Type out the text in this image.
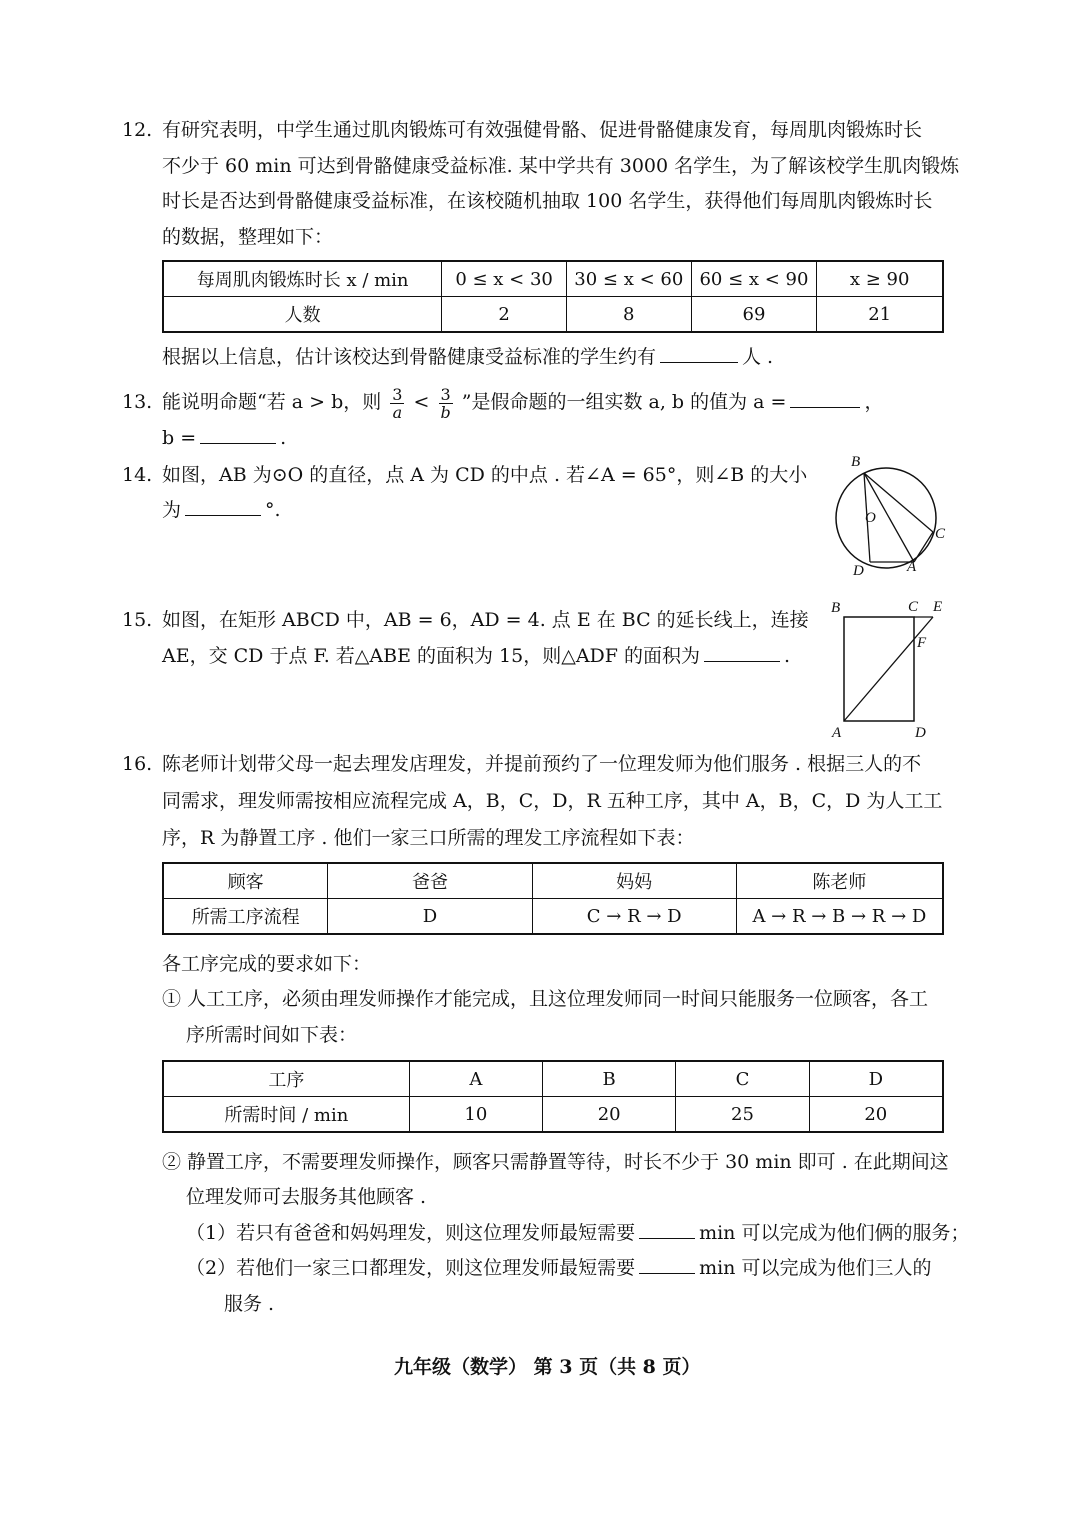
12. 有研究表明，中学生通过肌肉锻炼可有效强健骨骼、促进骨骼健康发育，每周肌肉锻炼时长
不少于 60 min 可达到骨骼健康受益标准. 某中学共有 3000 名学生，为了解该校学生肌肉锻炼
时长是否达到骨骼健康受益标准，在该校随机抽取 100 名学生，获得他们每周肌肉锻炼时长
的数据，整理如下：
每周肌肉锻炼时长 x / min	0 ≤ x < 30	30 ≤ x < 60	60 ≤ x < 90	x ≥ 90
人数	2	8	69	21
根据以上信息，估计该校达到骨骼健康受益标准的学生约有	人 .
13. 能说明命题“若 a > b，则 $\frac{3}{a} < \frac{3}{b}$ ”是假命题的一组实数 a, b 的值为 a =	，
b =	.
14. 如图，AB 为⊙O 的直径，点 A 为 CD 的中点 . 若∠A = 65°，则∠B 的大小
为	°.
B
O
C
D	A
15. 如图，在矩形 ABCD 中，AB = 6，AD = 4. 点 E 在 BC 的延长线上，连接
AE，交 CD 于点 F. 若△ABE 的面积为 15，则△ADF 的面积为	.
B	C E
F
A	D
16. 陈老师计划带父母一起去理发店理发，并提前预约了一位理发师为他们服务 . 根据三人的不
同需求，理发师需按相应流程完成 A，B，C，D，R 五种工序，其中 A，B，C，D 为人工工
序，R 为静置工序 . 他们一家三口所需的理发工序流程如下表：
顾客	爸爸	妈妈	陈老师
所需工序流程	D	C → R → D	A → R → B → R → D
各工序完成的要求如下：
① 人工工序，必须由理发师操作才能完成，且这位理发师同一时间只能服务一位顾客，各工
序所需时间如下表：
工序	A	B	C	D
所需时间 / min	10	20	25	20
② 静置工序，不需要理发师操作，顾客只需静置等待，时长不少于 30 min 即可 . 在此期间这
位理发师可去服务其他顾客 .
（1）若只有爸爸和妈妈理发，则这位理发师最短需要	min 可以完成为他们俩的服务；
（2）若他们一家三口都理发，则这位理发师最短需要	min 可以完成为他们三人的
服务 .
九年级（数学） 第 3 页（共 8 页）
